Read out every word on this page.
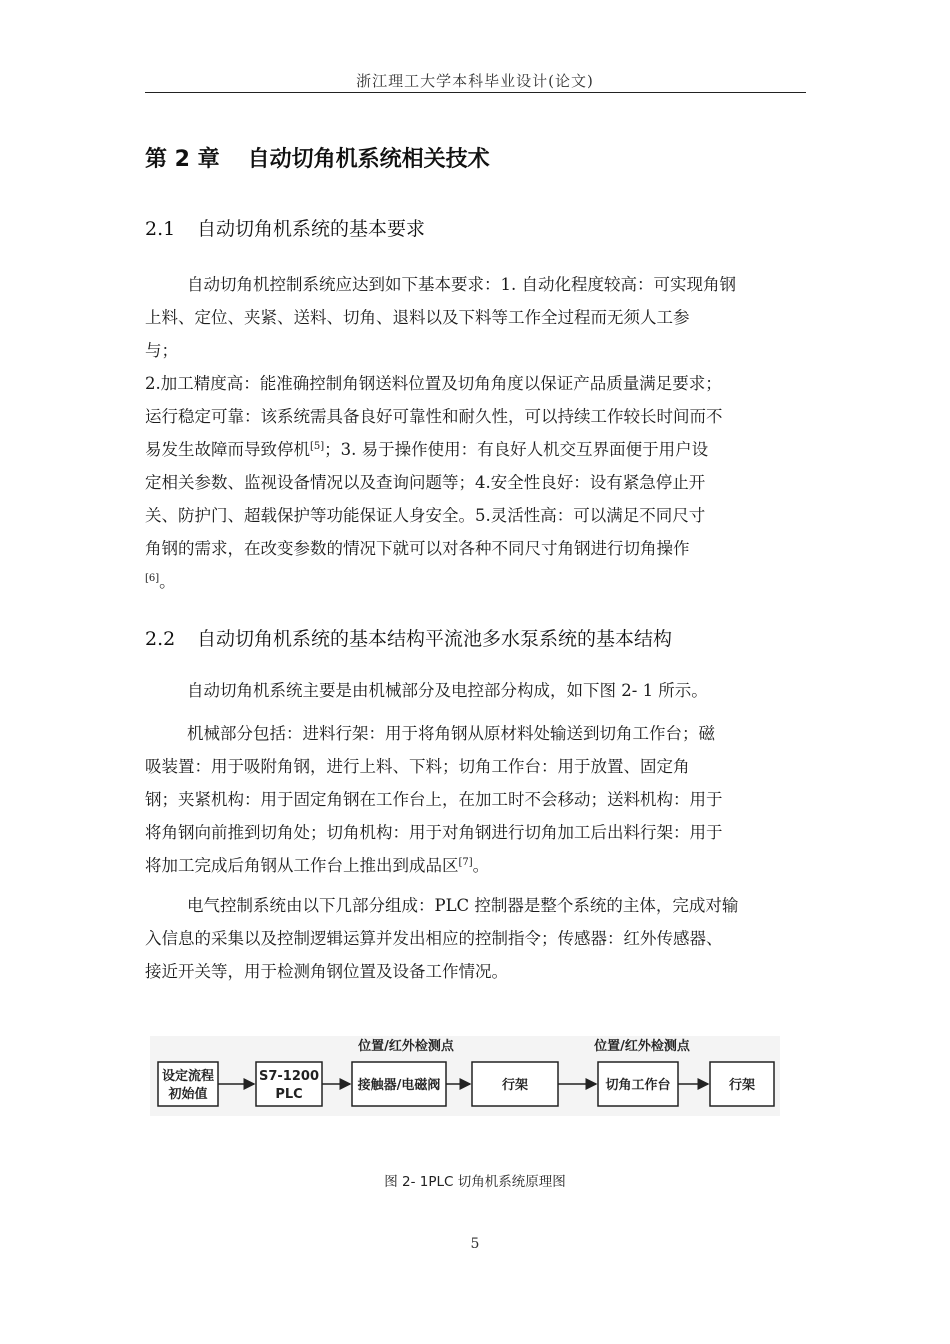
浙江理工大学本科毕业设计(论文)
第 2 章 自动切角机系统相关技术
2.1 自动切角机系统的基本要求
自动切角机控制系统应达到如下基本要求：1. 自动化程度较高：可实现角钢
上料、定位、夹紧、送料、切角、退料以及下料等工作全过程而无须人工参
与；
2.加工精度高：能准确控制角钢送料位置及切角角度以保证产品质量满足要求；
运行稳定可靠：该系统需具备良好可靠性和耐久性，可以持续工作较长时间而不
易发生故障而导致停机[5]；3. 易于操作使用：有良好人机交互界面便于用户设
定相关参数、监视设备情况以及查询问题等；4.安全性良好：设有紧急停止开
关、防护门、超载保护等功能保证人身安全。5.灵活性高：可以满足不同尺寸
角钢的需求，在改变参数的情况下就可以对各种不同尺寸角钢进行切角操作
[6]。
2.2 自动切角机系统的基本结构平流池多水泵系统的基本结构
自动切角机系统主要是由机械部分及电控部分构成，如下图 2- 1 所示。
机械部分包括：进料行架：用于将角钢从原材料处输送到切角工作台；磁
吸装置：用于吸附角钢，进行上料、下料；切角工作台：用于放置、固定角
钢；夹紧机构：用于固定角钢在工作台上，在加工时不会移动；送料机构：用于
将角钢向前推到切角处；切角机构：用于对角钢进行切角加工后出料行架：用于
将加工完成后角钢从工作台上推出到成品区[7]。
电气控制系统由以下几部分组成：PLC 控制器是整个系统的主体，完成对输
入信息的采集以及控制逻辑运算并发出相应的控制指令；传感器：红外传感器、
接近开关等，用于检测角钢位置及设备工作情况。
位置/红外检测点	位置/红外检测点
设定流程
初始值
S7-1200
PLC
接触器/电磁阀	行架	切角工作台	行架
图 2- 1PLC 切角机系统原理图
5
